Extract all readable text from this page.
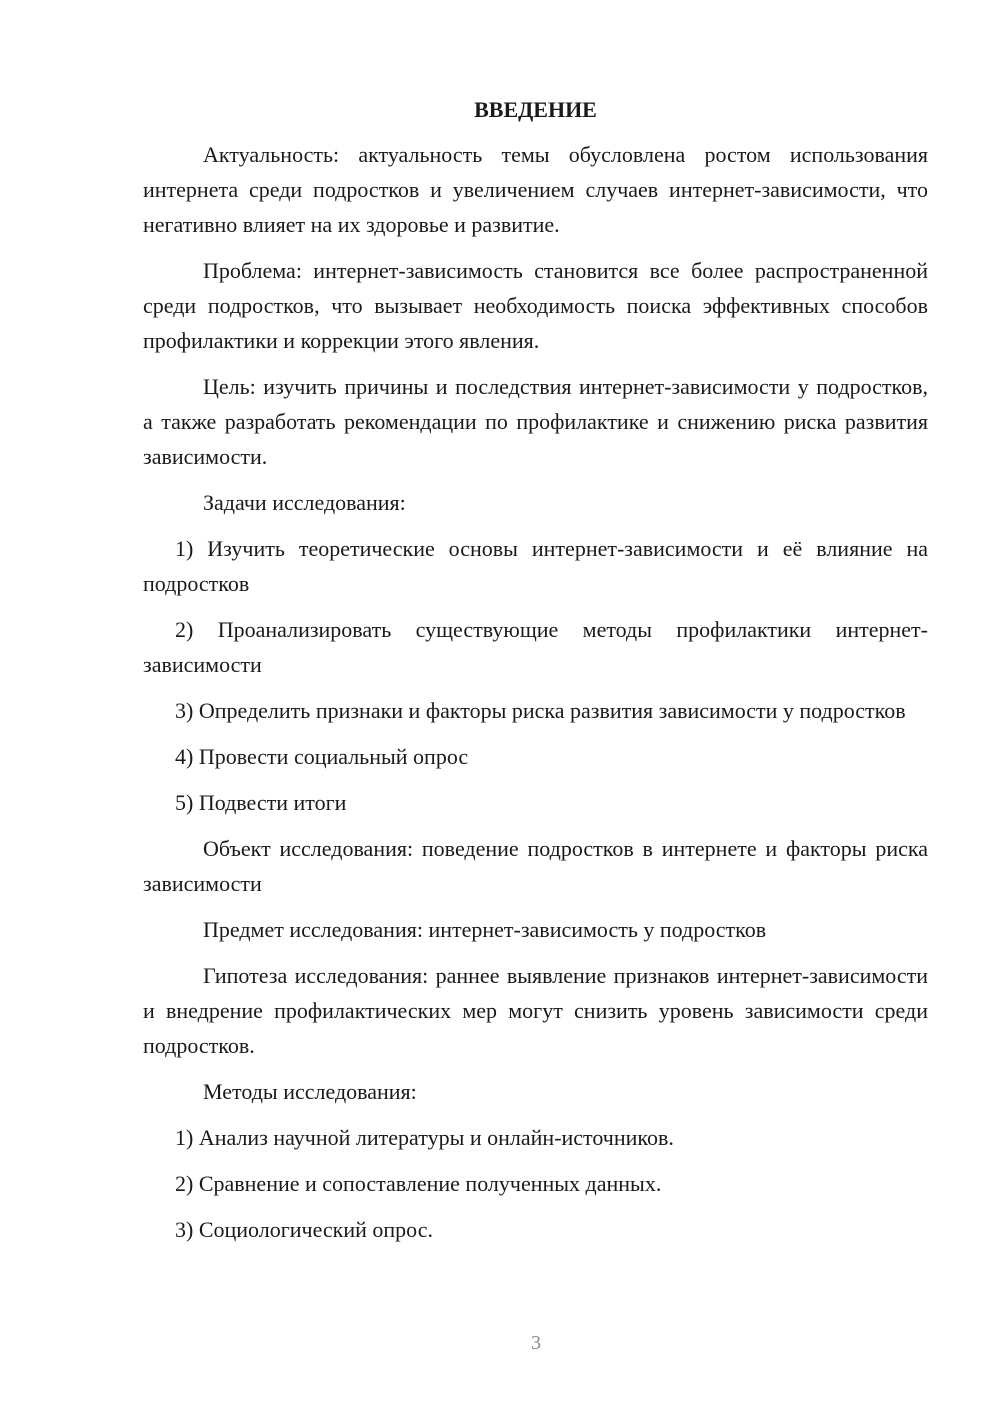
ВВЕДЕНИЕ

Актуальность: актуальность темы обусловлена ростом использования интернета среди подростков и увеличением случаев интернет-зависимости, что негативно влияет на их здоровье и развитие.

Проблема: интернет-зависимость становится все более распространенной среди подростков, что вызывает необходимость поиска эффективных способов профилактики и коррекции этого явления.

Цель: изучить причины и последствия интернет-зависимости у подростков, а также разработать рекомендации по профилактике и снижению риска развития зависимости.

Задачи исследования:

1) Изучить теоретические основы интернет-зависимости и её влияние на подростков

2) Проанализировать существующие методы профилактики интернет-зависимости

3) Определить признаки и факторы риска развития зависимости у подростков

4) Провести социальный опрос

5) Подвести итоги

Объект исследования: поведение подростков в интернете и факторы риска зависимости

Предмет исследования: интернет-зависимость у подростков

Гипотеза исследования: раннее выявление признаков интернет-зависимости и внедрение профилактических мер могут снизить уровень зависимости среди подростков.

Методы исследования:

1) Анализ научной литературы и онлайн-источников.

2) Сравнение и сопоставление полученных данных.

3) Социологический опрос.

3
